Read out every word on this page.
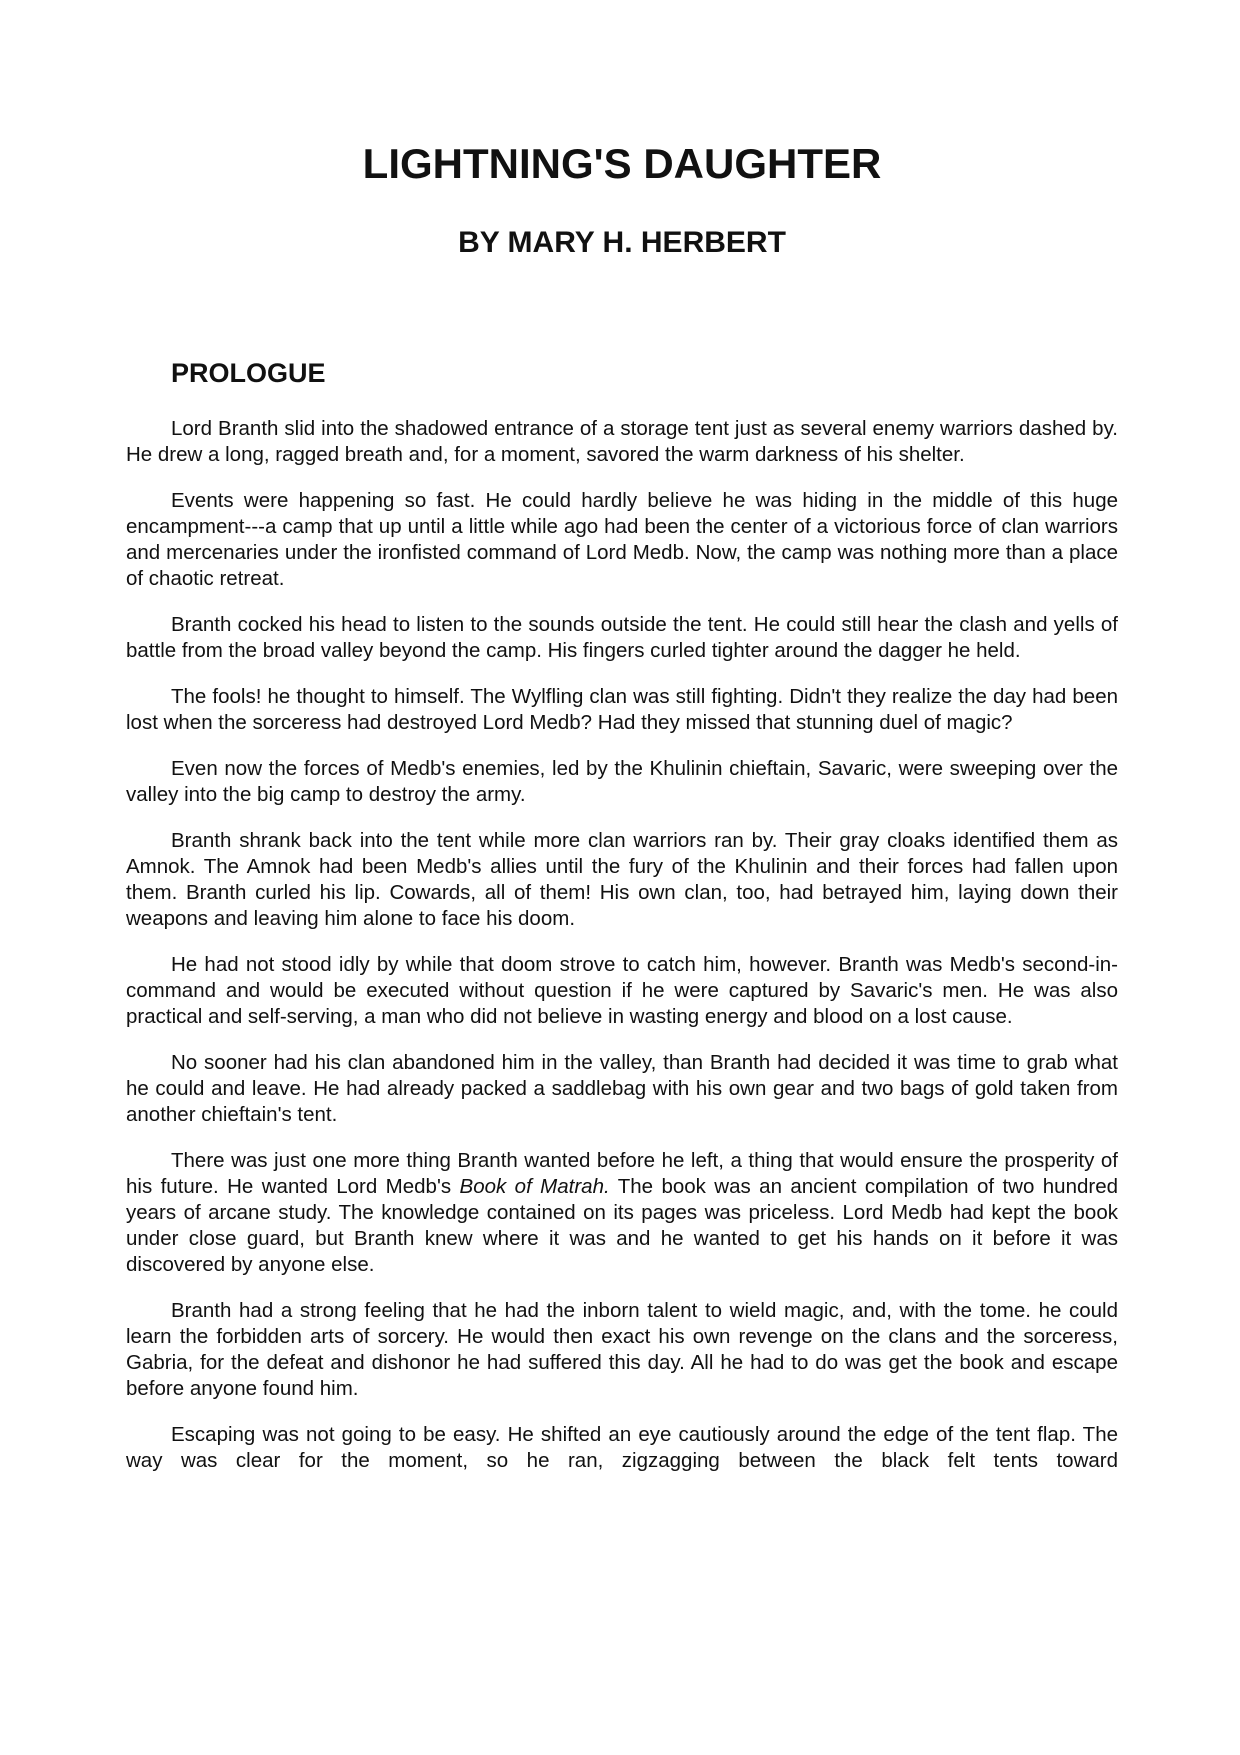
LIGHTNING'S DAUGHTER
BY MARY H. HERBERT
PROLOGUE

Lord Branth slid into the shadowed entrance of a storage tent just as several enemy warriors dashed by. He drew a long, ragged breath and, for a moment, savored the warm darkness of his shelter.

Events were happening so fast. He could hardly believe he was hiding in the middle of this huge encampment---a camp that up until a little while ago had been the center of a victorious force of clan warriors and mercenaries under the ironfisted command of Lord Medb. Now, the camp was nothing more than a place of chaotic retreat.

Branth cocked his head to listen to the sounds outside the tent. He could still hear the clash and yells of battle from the broad valley beyond the camp. His fingers curled tighter around the dagger he held.

The fools! he thought to himself. The Wylfling clan was still fighting. Didn't they realize the day had been lost when the sorceress had destroyed Lord Medb? Had they missed that stunning duel of magic?

Even now the forces of Medb's enemies, led by the Khulinin chieftain, Savaric, were sweeping over the valley into the big camp to destroy the army.

Branth shrank back into the tent while more clan warriors ran by. Their gray cloaks identified them as Amnok. The Amnok had been Medb's allies until the fury of the Khulinin and their forces had fallen upon them. Branth curled his lip. Cowards, all of them! His own clan, too, had betrayed him, laying down their weapons and leaving him alone to face his doom.

He had not stood idly by while that doom strove to catch him, however. Branth was Medb's second-in-command and would be executed without question if he were captured by Savaric's men. He was also practical and self-serving, a man who did not believe in wasting energy and blood on a lost cause.

No sooner had his clan abandoned him in the valley, than Branth had decided it was time to grab what he could and leave. He had already packed a saddlebag with his own gear and two bags of gold taken from another chieftain's tent.

There was just one more thing Branth wanted before he left, a thing that would ensure the prosperity of his future. He wanted Lord Medb's Book of Matrah. The book was an ancient compilation of two hundred years of arcane study. The knowledge contained on its pages was priceless. Lord Medb had kept the book under close guard, but Branth knew where it was and he wanted to get his hands on it before it was discovered by anyone else.

Branth had a strong feeling that he had the inborn talent to wield magic, and, with the tome. he could learn the forbidden arts of sorcery. He would then exact his own revenge on the clans and the sorceress, Gabria, for the defeat and dishonor he had suffered this day. All he had to do was get the book and escape before anyone found him.

Escaping was not going to be easy. He shifted an eye cautiously around the edge of the tent flap. The way was clear for the moment, so he ran, zigzagging between the black felt tents toward
